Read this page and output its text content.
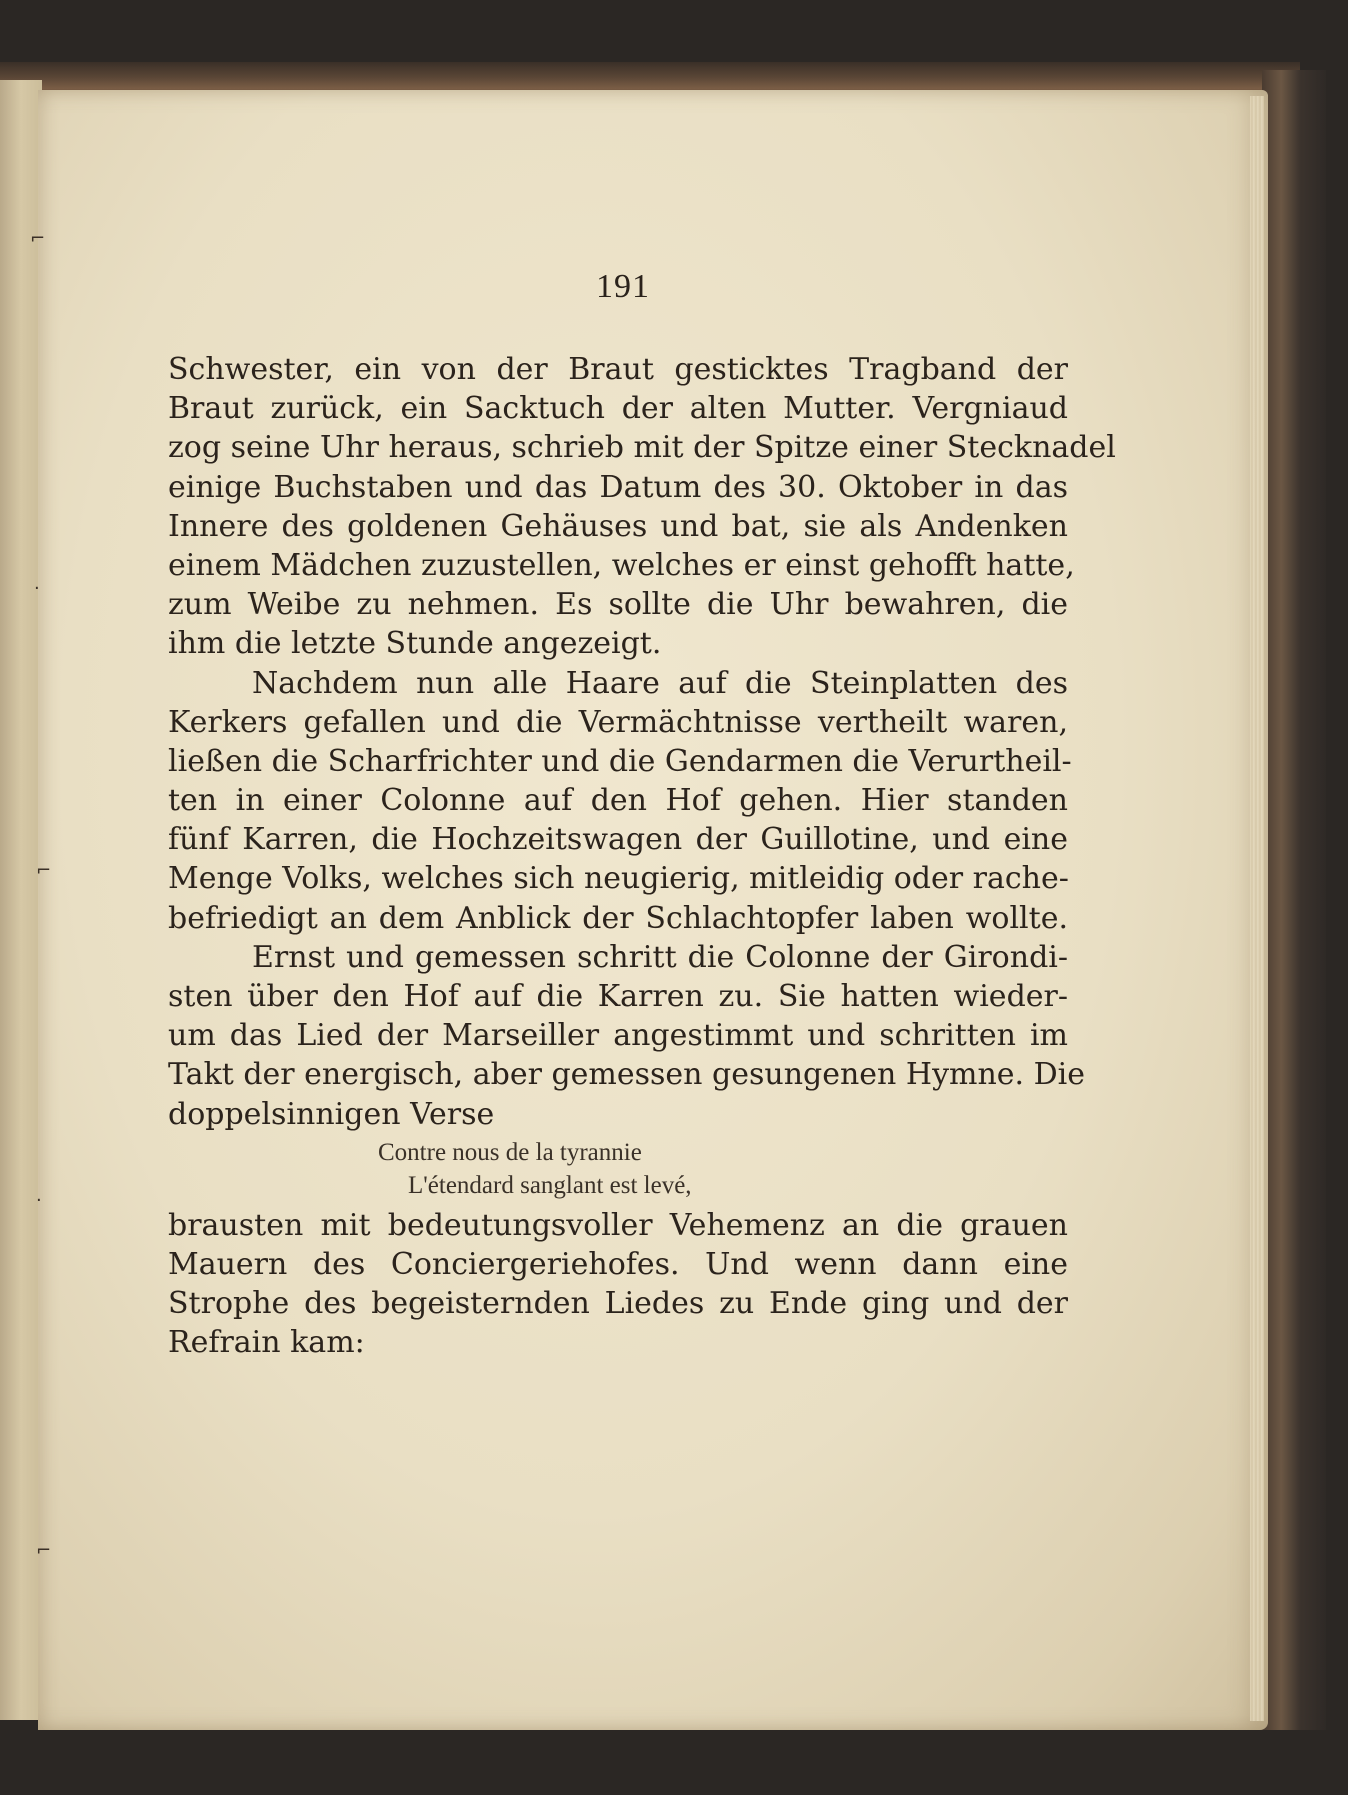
⌐
·
⌐
·
⌐
191
Schwester, ein von der Braut gesticktes Tragband der
Braut zurück, ein Sacktuch der alten Mutter. Vergniaud
zog seine Uhr heraus, schrieb mit der Spitze einer Stecknadel
einige Buchstaben und das Datum des 30. Oktober in das
Innere des goldenen Gehäuses und bat, sie als Andenken
einem Mädchen zuzustellen, welches er einst gehofft hatte,
zum Weibe zu nehmen. Es sollte die Uhr bewahren, die
ihm die letzte Stunde angezeigt.
Nachdem nun alle Haare auf die Steinplatten des
Kerkers gefallen und die Vermächtnisse vertheilt waren,
ließen die Scharfrichter und die Gendarmen die Verurtheil-
ten in einer Colonne auf den Hof gehen. Hier standen
fünf Karren, die Hochzeitswagen der Guillotine, und eine
Menge Volks, welches sich neugierig, mitleidig oder rache-
befriedigt an dem Anblick der Schlachtopfer laben wollte.
Ernst und gemessen schritt die Colonne der Girondi-
sten über den Hof auf die Karren zu. Sie hatten wieder-
um das Lied der Marseiller angestimmt und schritten im
Takt der energisch, aber gemessen gesungenen Hymne. Die
doppelsinnigen Verse
Contre nous de la tyrannie
L'étendard sanglant est levé,
brausten mit bedeutungsvoller Vehemenz an die grauen
Mauern des Conciergeriehofes. Und wenn dann eine
Strophe des begeisternden Liedes zu Ende ging und der
Refrain kam:
